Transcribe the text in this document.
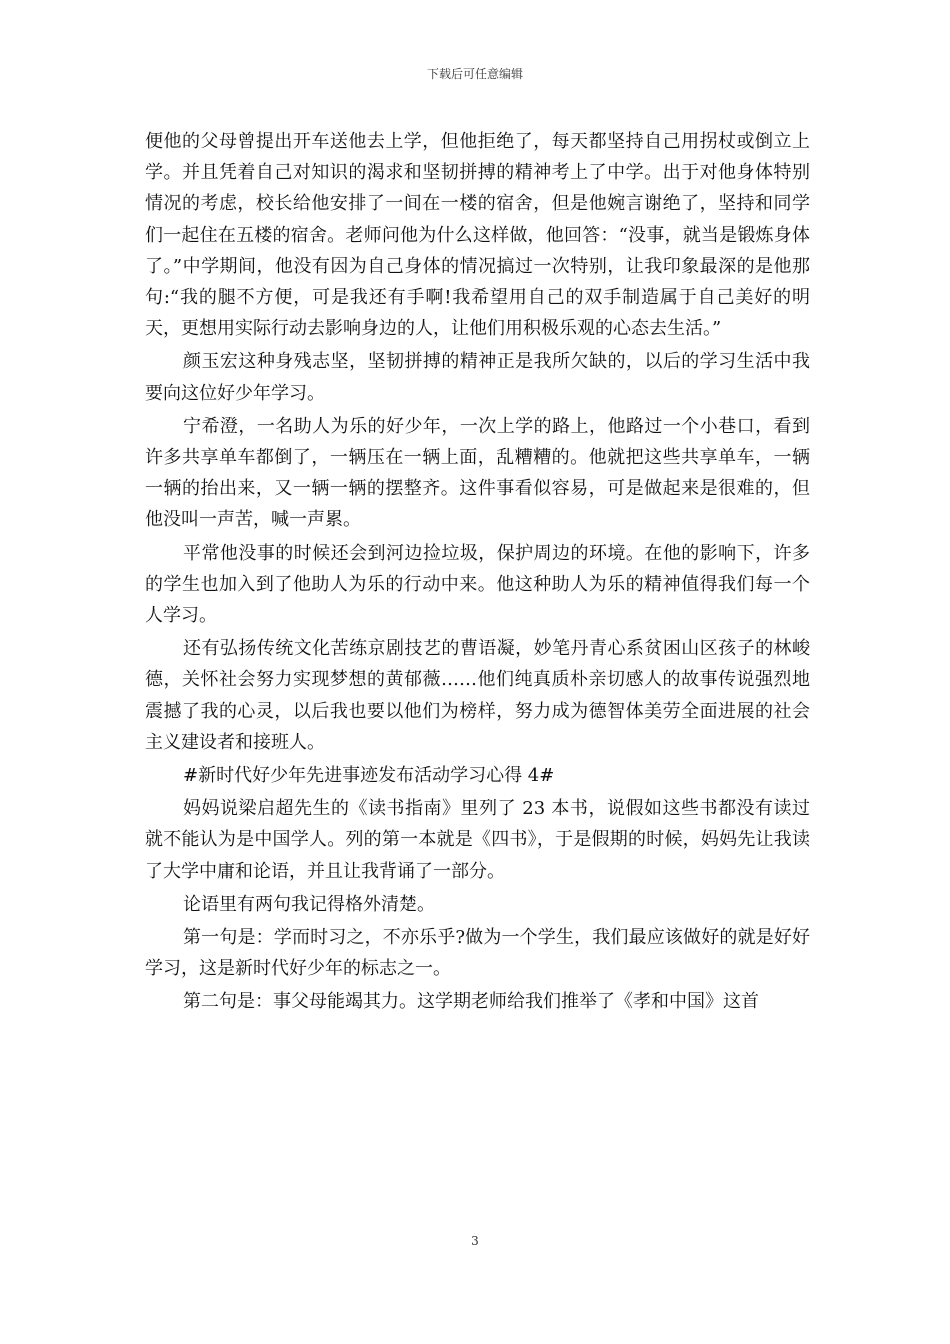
下载后可任意编辑

便他的父母曾提出开车送他去上学，但他拒绝了，每天都坚持自己用拐杖或倒立上学。并且凭着自己对知识的渴求和坚韧拼搏的精神考上了中学。出于对他身体特别情况的考虑，校长给他安排了一间在一楼的宿舍，但是他婉言谢绝了，坚持和同学们一起住在五楼的宿舍。老师问他为什么这样做，他回答：“没事，就当是锻炼身体了。”中学期间，他没有因为自己身体的情况搞过一次特别，让我印象最深的是他那句:“我的腿不方便，可是我还有手啊!我希望用自己的双手制造属于自己美好的明天，更想用实际行动去影响身边的人，让他们用积极乐观的心态去生活。”

颜玉宏这种身残志坚，坚韧拼搏的精神正是我所欠缺的，以后的学习生活中我要向这位好少年学习。

宁希澄，一名助人为乐的好少年，一次上学的路上，他路过一个小巷口，看到许多共享单车都倒了，一辆压在一辆上面，乱糟糟的。他就把这些共享单车，一辆一辆的抬出来，又一辆一辆的摆整齐。这件事看似容易，可是做起来是很难的，但他没叫一声苦，喊一声累。

平常他没事的时候还会到河边捡垃圾，保护周边的环境。在他的影响下，许多的学生也加入到了他助人为乐的行动中来。他这种助人为乐的精神值得我们每一个人学习。

还有弘扬传统文化苦练京剧技艺的曹语凝，妙笔丹青心系贫困山区孩子的林峻德，关怀社会努力实现梦想的黄郁薇……他们纯真质朴亲切感人的故事传说强烈地震撼了我的心灵，以后我也要以他们为榜样，努力成为德智体美劳全面进展的社会主义建设者和接班人。

#新时代好少年先进事迹发布活动学习心得 4#

妈妈说梁启超先生的《读书指南》里列了 23 本书，说假如这些书都没有读过就不能认为是中国学人。列的第一本就是《四书》，于是假期的时候，妈妈先让我读了大学中庸和论语，并且让我背诵了一部分。

论语里有两句我记得格外清楚。

第一句是：学而时习之，不亦乐乎?做为一个学生，我们最应该做好的就是好好学习，这是新时代好少年的标志之一。

第二句是：事父母能竭其力。这学期老师给我们推举了《孝和中国》这首

3
